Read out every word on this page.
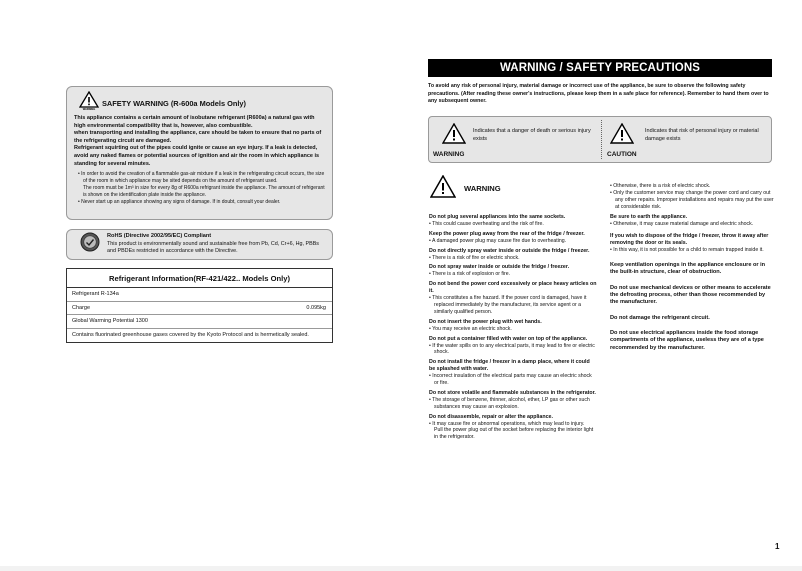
WARNING
SAFETY WARNING (R-600a Models Only)
This appliance contains a certain amount of isobutane refrigerant (R600a) a natural gas with high environmental compatibility that is, however, also combustible.
when transporting and installing the appliance, care should be taken to ensure that no parts of the refrigerating circuit are damaged.
Refrigerant squirting out of the pipes could ignite or cause an eye injury. If a leak is detected, avoid any naked flames or potential sources of ignition and air the room in which appliance is standing for several minutes.
• In order to avoid the creation of a flammable gas-air mixture if a leak in the refrigerating circuit occurs, the size of the room in which appliance may be sited depends on the amount of refrigerant used.
The room must be 1m³ in size for every 8g of R600a refrigrant inside the appliance. The amount of refrigerant is shown on the identification plate inside the appliance.
• Never start up an appliance showing any signs of damage. If in doubt, consult your dealer.
RoHS (Directive 2002/95/EC) Compliant
This product is environmentally sound and sustainable free from Pb, Cd, Cr+6, Hg, PBBs and PBDEs restricted in accordance with the Directive.
Refrigerant Information(RF-421/422.. Models Only)
Refrigerant R-134a
Charge	0.095kg
Global Warming Potential 1300
Contains fluorinated greenhouse gases covered by the Kyoto Protocol and is hermetically sealed.
WARNING / SAFETY PRECAUTIONS
To avoid any risk of personal injury, material damage or incorrect use of the appliance, be sure to observe the following safety precautions. (After reading these owner's instructions, please keep them in a safe place for reference). Remember to hand them over to any subsequent owner.
Indicates that a danger of death or serious injury exists
WARNING
Indicates that risk of personal injury or material damage exists
CAUTION
WARNING
Do not plug several appliances into the same sockets.
• This could cause overheating and the risk of fire.
Keep the power plug away from the rear of the fridge / freezer.
• A damaged power plug may cause fire due to overheating.
Do not directly spray water inside or outside the fridge / freezer.
• There is a risk of fire or electric shock.
Do not spray water inside or outside the fridge / freezer.
• There is a risk of explosion or fire.
Do not bend the power cord excessively or place heavy articles on it.
• This constitutes a fire hazard. If the power cord is damaged, have it replaced immediately by the manufacturer, its service agent or a similarly qualified person.
Do not insert the power plug with wet hands.
• You may receive an electric shock.
Do not put a container filled with water on top of the appliance.
• If the water spills on to any electrical parts, it may lead to fire or electric shock.
Do not install the fridge / freezer in a damp place, where it could be splashed with water.
• Incorrect insulation of the electrical parts may cause an electric shock or fire.
Do not store volatile and flammable substances in the refrigerator.
• The storage of benzene, thinner, alcohol, ether, LP gas or other such substances may cause an explosion.
Do not disassemble, repair or alter the appliance.
• It may cause fire or abnormal operations, which may lead to injury.
Pull the power plug out of the socket before replacing the interior light in the refrigerator.
• Otherwise, there is a risk of electric shock.
• Only the customer service may change the power cord and carry out any other repairs. Improper installations and repairs may put the user at considerable risk.
Be sure to earth the appliance.
• Otherwise, it may cause material damage and electric shock.
If you wish to dispose of the fridge / freezer, throw it away after removing the door or its seals.
• In this way, it is not possible for a child to remain trapped inside it.
Keep ventilation openings in the appliance enclosure or in the built-in structure, clear of obstruction.
Do not use mechanical devices or other means to accelerate the defrosting process, other than those recommended by the manufacturer.
Do not damage the refrigerant circuit.
Do not use electrical appliances inside the food storage compartments of the appliance, useless they are of a type recommended by the manufacturer.
1
